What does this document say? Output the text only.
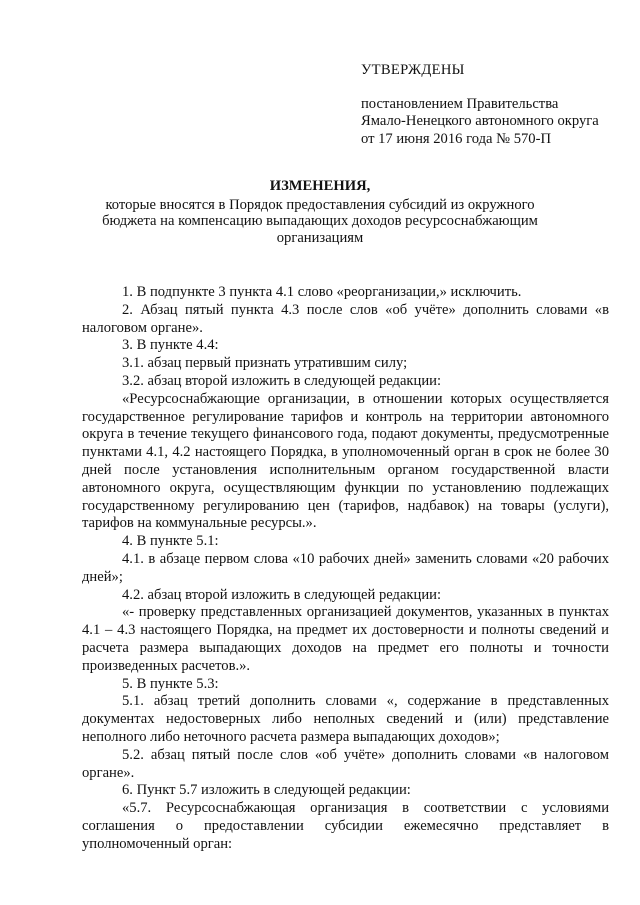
УТВЕРЖДЕНЫ
постановлением Правительства
Ямало-Ненецкого автономного округа
от 17 июня 2016 года № 570-П
ИЗМЕНЕНИЯ,
которые вносятся в Порядок предоставления субсидий из окружного бюджета на компенсацию выпадающих доходов ресурсоснабжающим организациям

1. В подпункте 3 пункта 4.1 слово «реорганизации,» исключить.

2. Абзац пятый пункта 4.3 после слов «об учёте» дополнить словами «в налоговом органе».

3. В пункте 4.4:

3.1. абзац первый признать утратившим силу;

3.2. абзац второй изложить в следующей редакции:

«Ресурсоснабжающие организации, в отношении которых осуществляется государственное регулирование тарифов и контроль на территории автономного округа в течение текущего финансового года, подают документы, предусмотренные пунктами 4.1, 4.2 настоящего Порядка, в уполномоченный орган в срок не более 30 дней после установления исполнительным органом государственной власти автономного округа, осуществляющим функции по установлению подлежащих государственному регулированию цен (тарифов, надбавок) на товары (услуги), тарифов на коммунальные ресурсы.».

4. В пункте 5.1:

4.1. в абзаце первом слова «10 рабочих дней» заменить словами «20 рабочих дней»;

4.2. абзац второй изложить в следующей редакции:

«- проверку представленных организацией документов, указанных в пунктах 4.1 – 4.3 настоящего Порядка, на предмет их достоверности и полноты сведений и расчета размера выпадающих доходов на предмет его полноты и точности произведенных расчетов.».

5. В пункте 5.3:

5.1. абзац третий дополнить словами «, содержание в представленных документах недостоверных либо неполных сведений и (или) представление неполного либо неточного расчета размера выпадающих доходов»;

5.2. абзац пятый после слов «об учёте» дополнить словами «в налоговом органе».

6. Пункт 5.7 изложить в следующей редакции:

«5.7. Ресурсоснабжающая организация в соответствии с условиями соглашения о предоставлении субсидии ежемесячно представляет в уполномоченный орган:
